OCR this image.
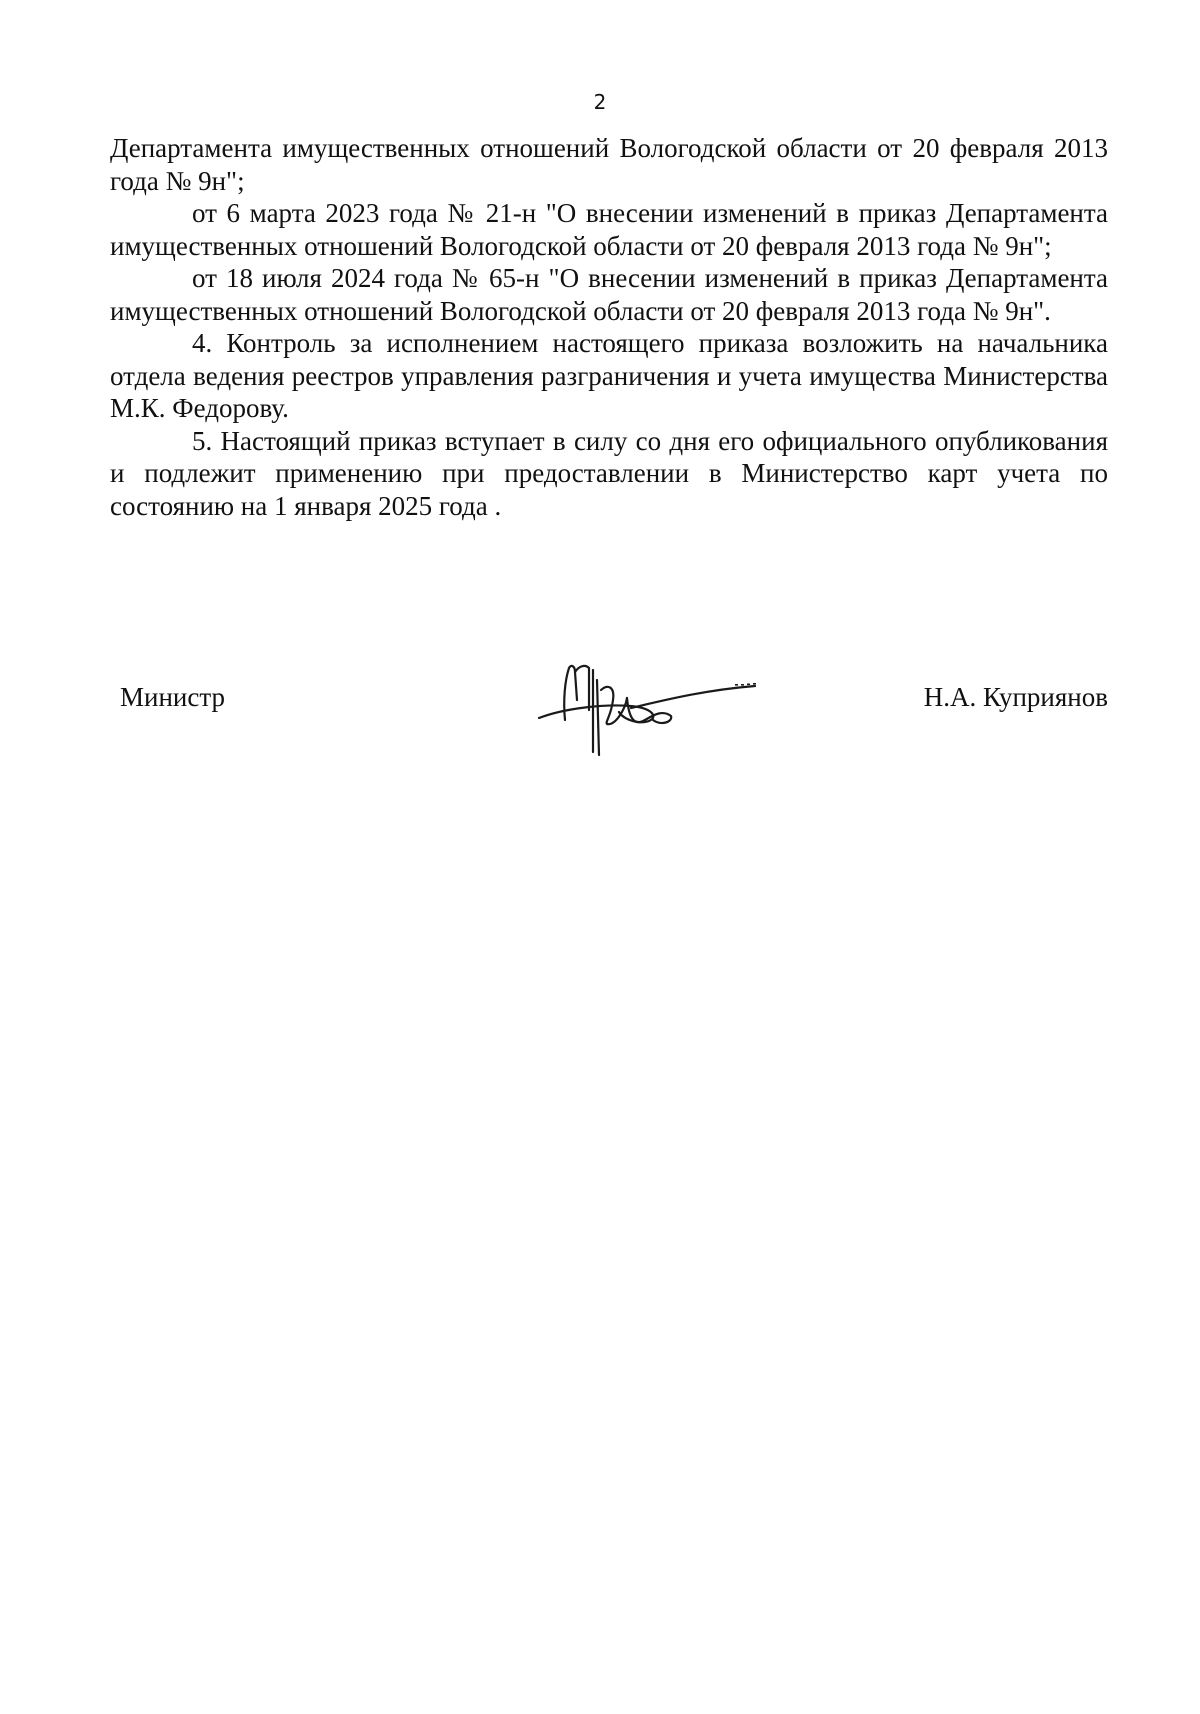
2

Департамента имущественных отношений Вологодской области от 20 февраля 2013 года № 9н";

от 6 марта 2023 года № 21-н "О внесении изменений в приказ Департамента имущественных отношений Вологодской области от 20 февраля 2013 года № 9н";

от 18 июля 2024 года № 65-н "О внесении изменений в приказ Департамента имущественных отношений Вологодской области от 20 февраля 2013 года № 9н".

4. Контроль за исполнением настоящего приказа возложить на начальника отдела ведения реестров управления разграничения и учета имущества Министерства М.К. Федорову.

5. Настоящий приказ вступает в силу со дня его официального опубликования и подлежит применению при предоставлении в Министерство карт учета по состоянию на 1 января 2025 года .

Министр	Н.А. Куприянов
